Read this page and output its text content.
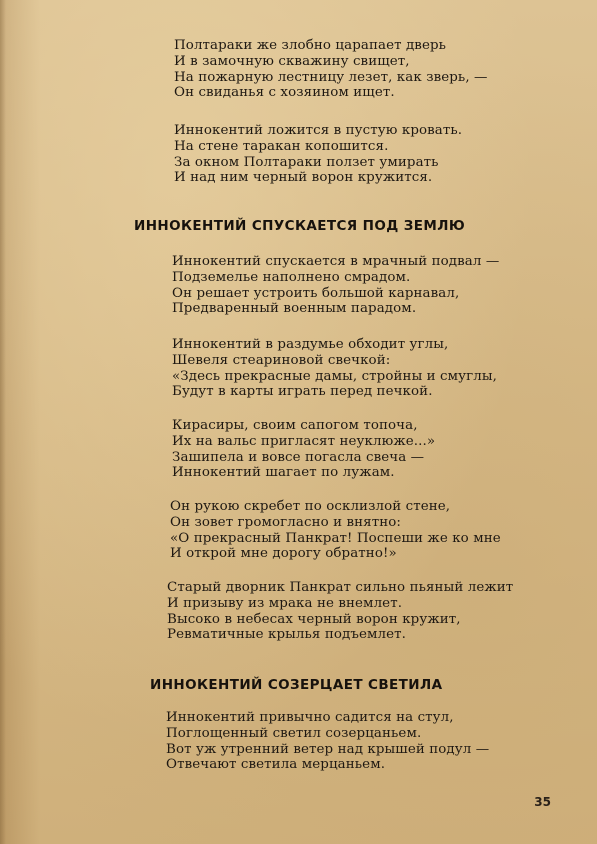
Полтараки же злобно царапает дверь
И в замочную скважину свищет,
На пожарную лестницу лезет, как зверь, —
Он свиданья с хозяином ищет.
Иннокентий ложится в пустую кровать.
На стене таракан копошится.
За окном Полтараки ползет умирать
И над ним черный ворон кружится.
ИННОКЕНТИЙ СПУСКАЕТСЯ ПОД ЗЕМЛЮ
Иннокентий спускается в мрачный подвал —
Подземелье наполнено смрадом.
Он решает устроить большой карнавал,
Предваренный военным парадом.
Иннокентий в раздумье обходит углы,
Шевеля стеариновой свечкой:
«Здесь прекрасные дамы, стройны и смуглы,
Будут в карты играть перед печкой.
Кирасиры, своим сапогом топоча,
Их на вальс пригласят неуклюже...»
Зашипела и вовсе погасла свеча —
Иннокентий шагает по лужам.
Он рукою скребет по осклизлой стене,
Он зовет громогласно и внятно:
«О прекрасный Панкрат! Поспеши же ко мне
И открой мне дорогу обратно!»
Старый дворник Панкрат сильно пьяный лежит
И призыву из мрака не внемлет.
Высоко в небесах черный ворон кружит,
Ревматичные крылья подъемлет.
ИННОКЕНТИЙ СОЗЕРЦАЕТ СВЕТИЛА
Иннокентий привычно садится на стул,
Поглощенный светил созерцаньем.
Вот уж утренний ветер над крышей подул —
Отвечают светила мерцаньем.
35
